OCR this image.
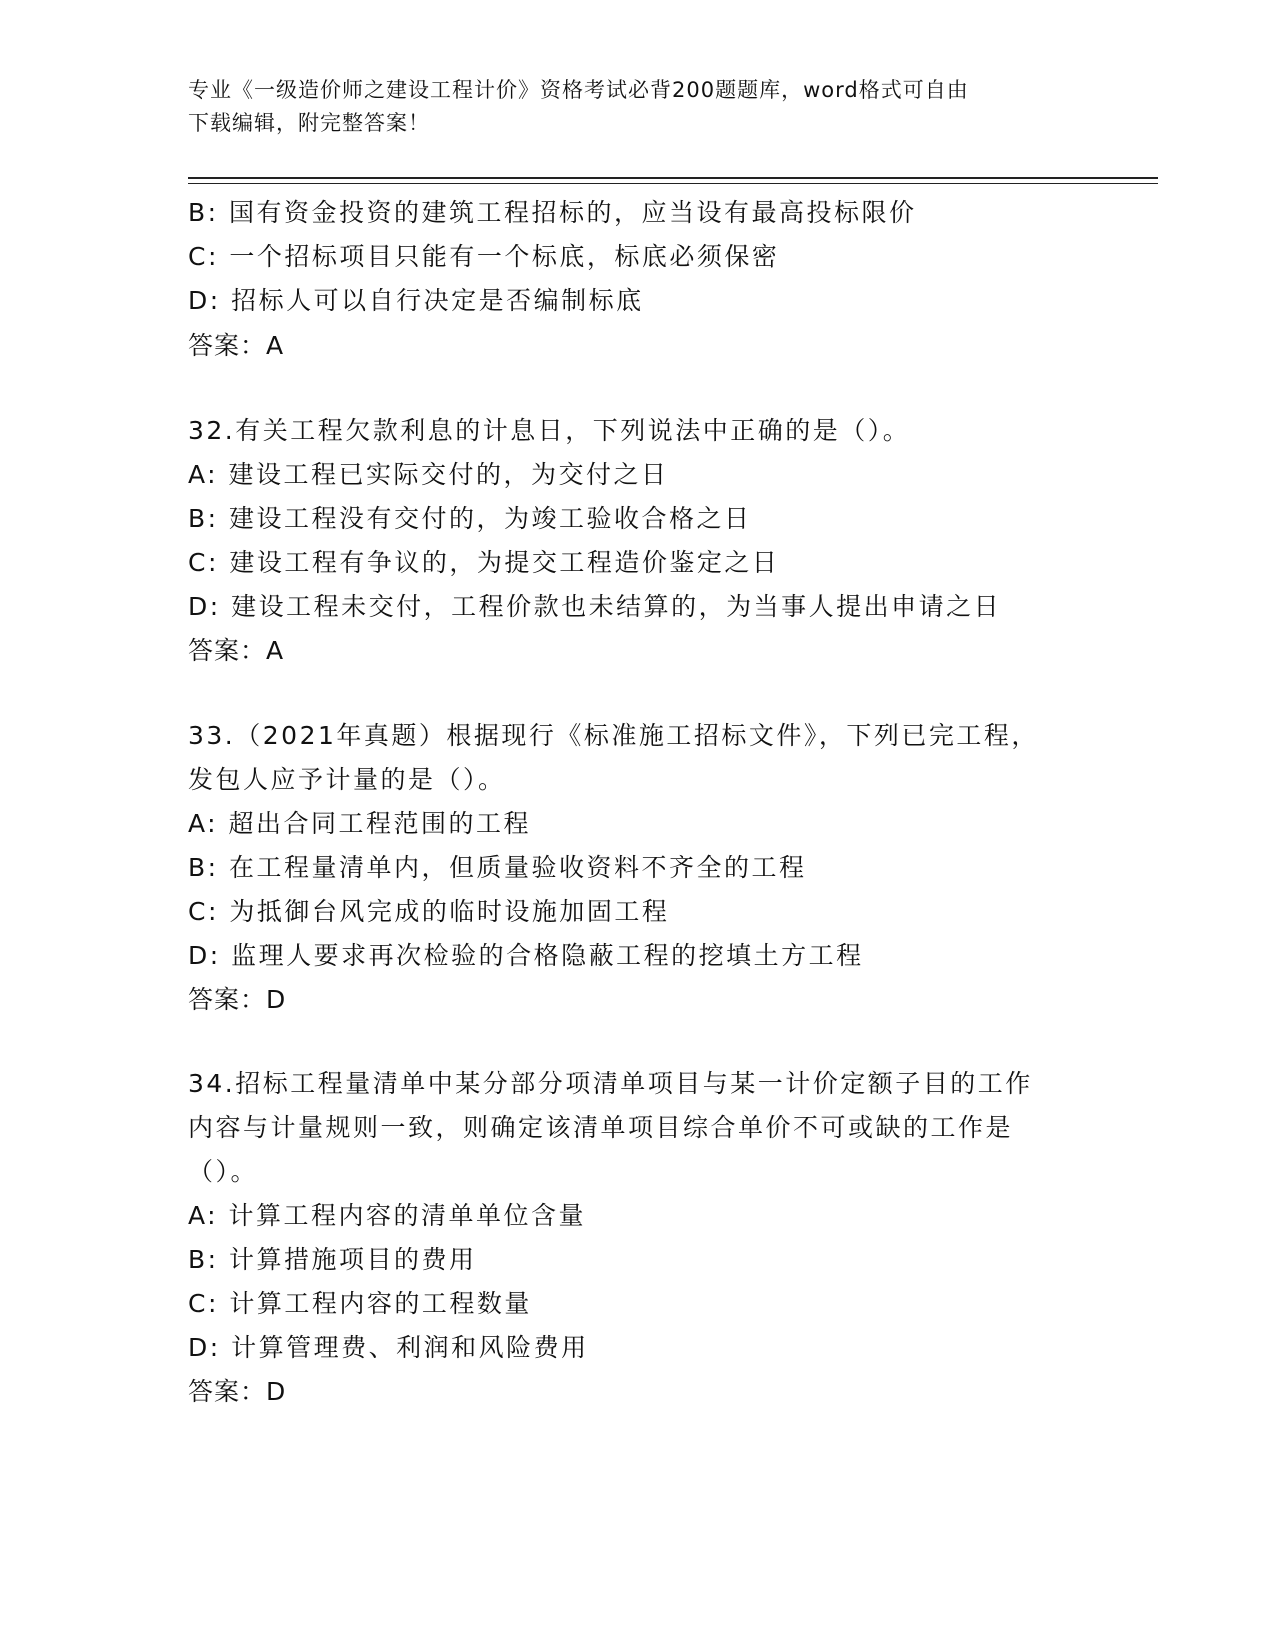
专业《一级造价师之建设工程计价》资格考试必背200题题库，word格式可自由
下载编辑，附完整答案！
B: 国有资金投资的建筑工程招标的，应当设有最高投标限价
C: 一个招标项目只能有一个标底，标底必须保密
D: 招标人可以自行决定是否编制标底
答案：A
32.有关工程欠款利息的计息日，下列说法中正确的是（）。
A: 建设工程已实际交付的，为交付之日
B: 建设工程没有交付的，为竣工验收合格之日
C: 建设工程有争议的，为提交工程造价鉴定之日
D: 建设工程未交付，工程价款也未结算的，为当事人提出申请之日
答案：A
33.（2021年真题）根据现行《标准施工招标文件》，下列已完工程，
发包人应予计量的是（）。
A: 超出合同工程范围的工程
B: 在工程量清单内，但质量验收资料不齐全的工程
C: 为抵御台风完成的临时设施加固工程
D: 监理人要求再次检验的合格隐蔽工程的挖填土方工程
答案：D
34.招标工程量清单中某分部分项清单项目与某一计价定额子目的工作
内容与计量规则一致，则确定该清单项目综合单价不可或缺的工作是
（）。
A: 计算工程内容的清单单位含量
B: 计算措施项目的费用
C: 计算工程内容的工程数量
D: 计算管理费、利润和风险费用
答案：D
